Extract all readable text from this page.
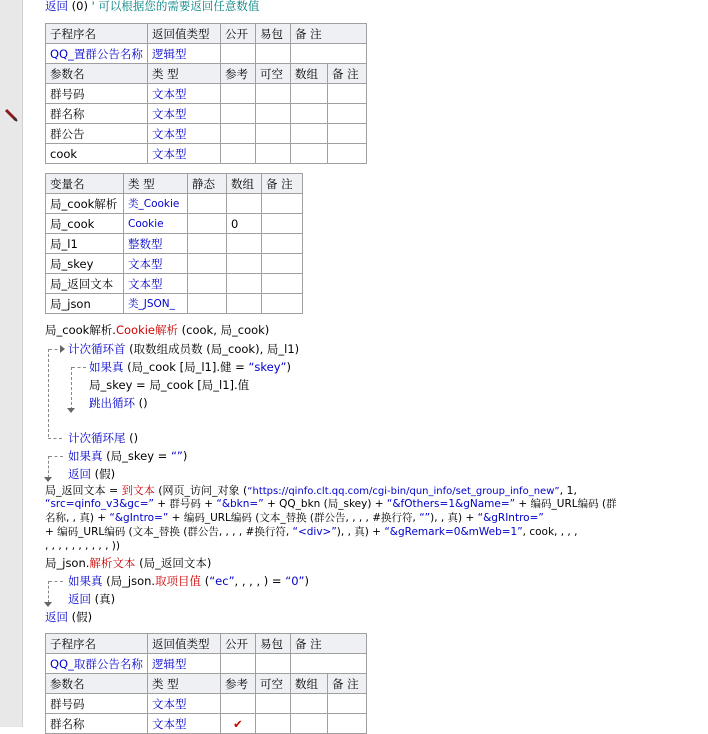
返回 (0) ' 可以根据您的需要返回任意数值
子程序名	返回值类型	公开	易包	备 注	
QQ_置群公告名称	逻辑型				
参数名	类 型	参考	可空	数组	备 注
群号码	文本型				
群名称	文本型				
群公告	文本型				
cook	文本型				
变量名	类 型	静态	数组	备 注
局_cook解析	类_Cookie			
局_cook	Cookie		0	
局_l1	整数型			
局_skey	文本型			
局_返回文本	文本型			
局_json	类_JSON_			
局_cook解析.Cookie解析 (cook, 局_cook)
计次循环首 (取数组成员数 (局_cook), 局_l1)
如果真 (局_cook [局_l1].健 = “skey”)
局_skey = 局_cook [局_l1].值
跳出循环 ()
计次循环尾 ()
如果真 (局_skey = “”)
返回 (假)
局_返回文本 = 到文本 (网页_访问_对象 (“https://qinfo.clt.qq.com/cgi-bin/qun_info/set_group_info_new”, 1,
“src=qinfo_v3&gc=” + 群号码 + “&bkn=” + QQ_bkn (局_skey) + “&fOthers=1&gName=” + 编码_URL编码 (群
名称, , 真) + “&gIntro=” + 编码_URL编码 (文本_替换 (群公告, , , , #换行符, “”), , 真) + “&gRIntro=”
+ 编码_URL编码 (文本_替换 (群公告, , , , #换行符, “<div>”), , 真) + “&gRemark=0&mWeb=1”, cook, , , ,
, , , , , , , , , , ))
局_json.解析文本 (局_返回文本)
如果真 (局_json.取项目值 (“ec”, , , , ) = “0”)
返回 (真)
返回 (假)
子程序名	返回值类型	公开	易包	备 注	
QQ_取群公告名称	逻辑型				
参数名	类 型	参考	可空	数组	备 注
群号码	文本型				
群名称	文本型	✔			
